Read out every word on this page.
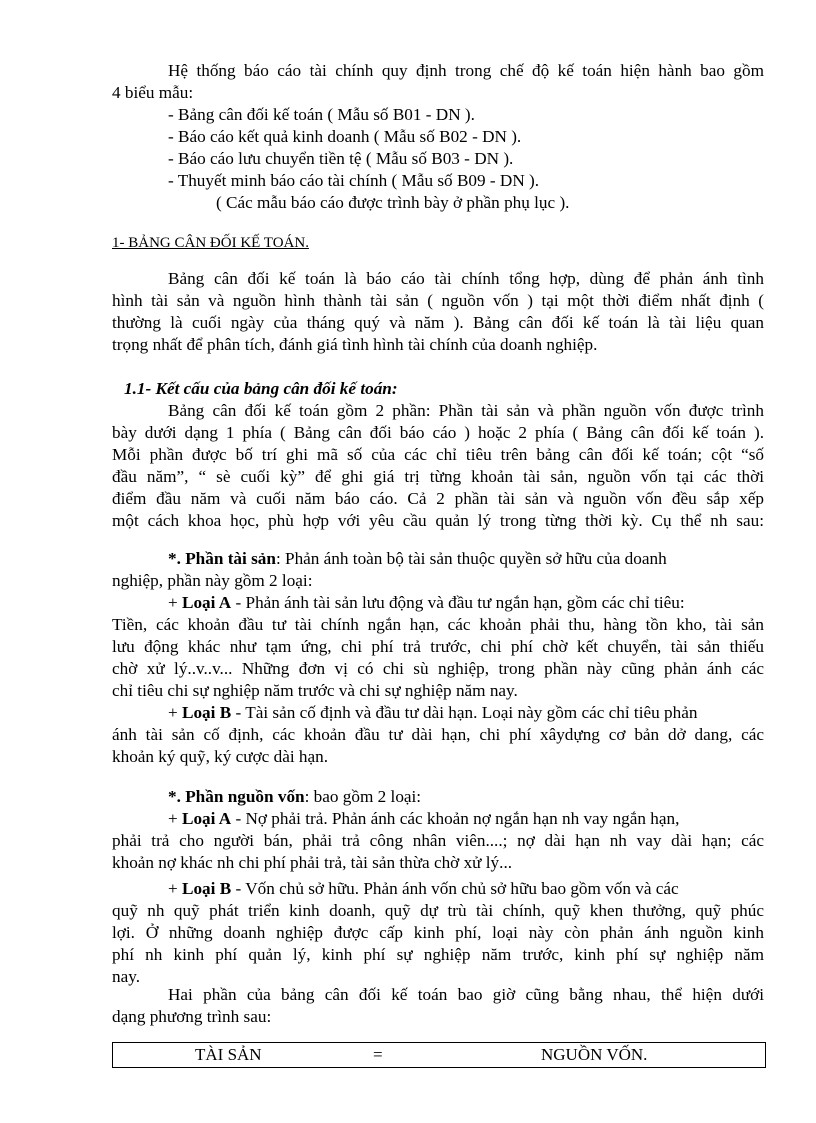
Hệ thống báo cáo tài chính quy định trong chế độ kế toán hiện hành bao gồm
4 biểu mẫu:
- Bảng cân đối kế toán ( Mẫu số B01 - DN ).
- Báo cáo kết quả kinh doanh ( Mẫu số B02 - DN ).
- Báo cáo lưu chuyển tiền tệ ( Mẫu số B03 - DN ).
- Thuyết minh báo cáo tài chính ( Mẫu số B09 - DN ).
( Các mẫu báo cáo được trình bày ở phần phụ lục ).
1- BẢNG CÂN ĐỐI KẾ TOÁN.
Bảng cân đối kế toán là báo cáo tài chính tổng hợp, dùng để phản ánh tình
hình tài sản và nguồn hình thành tài sản ( nguồn vốn ) tại một thời điểm nhất định (
thường là cuối ngày của tháng quý và năm ). Bảng cân đối kế toán là tài liệu quan
trọng nhất để phân tích, đánh giá tình hình tài chính của doanh nghiệp.
1.1- Kết cấu của bảng cân đối kế toán:
Bảng cân đối kế toán gồm 2 phần: Phần tài sản và phần nguồn vốn được trình
bày dưới dạng 1 phía ( Bảng cân đối báo cáo ) hoặc 2 phía ( Bảng cân đối kế toán ).
Mỗi phần được bố trí ghi mã số của các chỉ tiêu trên bảng cân đối kế toán; cột “số
đầu năm”, “ sè cuối kỳ” để ghi giá trị từng khoản tài sản, nguồn vốn tại các thời
điểm đầu năm và cuối năm báo cáo. Cả 2 phần tài sản và nguồn vốn đều sắp xếp
một cách khoa học, phù hợp với yêu cầu quản lý trong từng thời kỳ. Cụ thể nh sau:
*. Phần tài sản: Phản ánh toàn bộ tài sản thuộc quyền sở hữu của doanh
nghiệp, phần này gồm 2 loại:
+ Loại A - Phản ánh tài sản lưu động và đầu tư ngắn hạn, gồm các chỉ tiêu:
Tiền, các khoản đầu tư tài chính ngắn hạn, các khoản phải thu, hàng tồn kho, tài sản
lưu động khác như tạm ứng, chi phí trả trước, chi phí chờ kết chuyển, tài sản thiếu
chờ xử lý..v..v... Những đơn vị có chi sù nghiệp, trong phần này cũng phản ánh các
chỉ tiêu chi sự nghiệp năm trước và chi sự nghiệp năm nay.
+ Loại B - Tài sản cố định và đầu tư dài hạn. Loại này gồm các chỉ tiêu phản
ánh tài sản cố định, các khoản đầu tư dài hạn, chi phí xâydựng cơ bản dở dang, các
khoản ký quỹ, ký cược dài hạn.
*. Phần nguồn vốn: bao gồm 2 loại:
+ Loại A - Nợ phải trả. Phản ánh các khoản nợ ngắn hạn nh vay ngắn hạn,
phải trả cho người bán, phải trả công nhân viên....; nợ dài hạn nh vay dài hạn; các
khoản nợ khác nh chi phí phải trả, tài sản thừa chờ xử lý...
+ Loại B - Vốn chủ sở hữu. Phản ánh vốn chủ sở hữu bao gồm vốn và các
quỹ nh quỹ phát triển kinh doanh, quỹ dự trù tài chính, quỹ khen thưởng, quỹ phúc
lợi. Ở những doanh nghiệp được cấp kinh phí, loại này còn phản ánh nguồn kinh
phí nh kinh phí quản lý, kinh phí sự nghiệp năm trước, kinh phí sự nghiệp năm
nay.
Hai phần của bảng cân đối kế toán bao giờ cũng bằng nhau, thể hiện dưới
dạng phương trình sau:
TÀI SẢN	=	NGUỒN VỐN.
